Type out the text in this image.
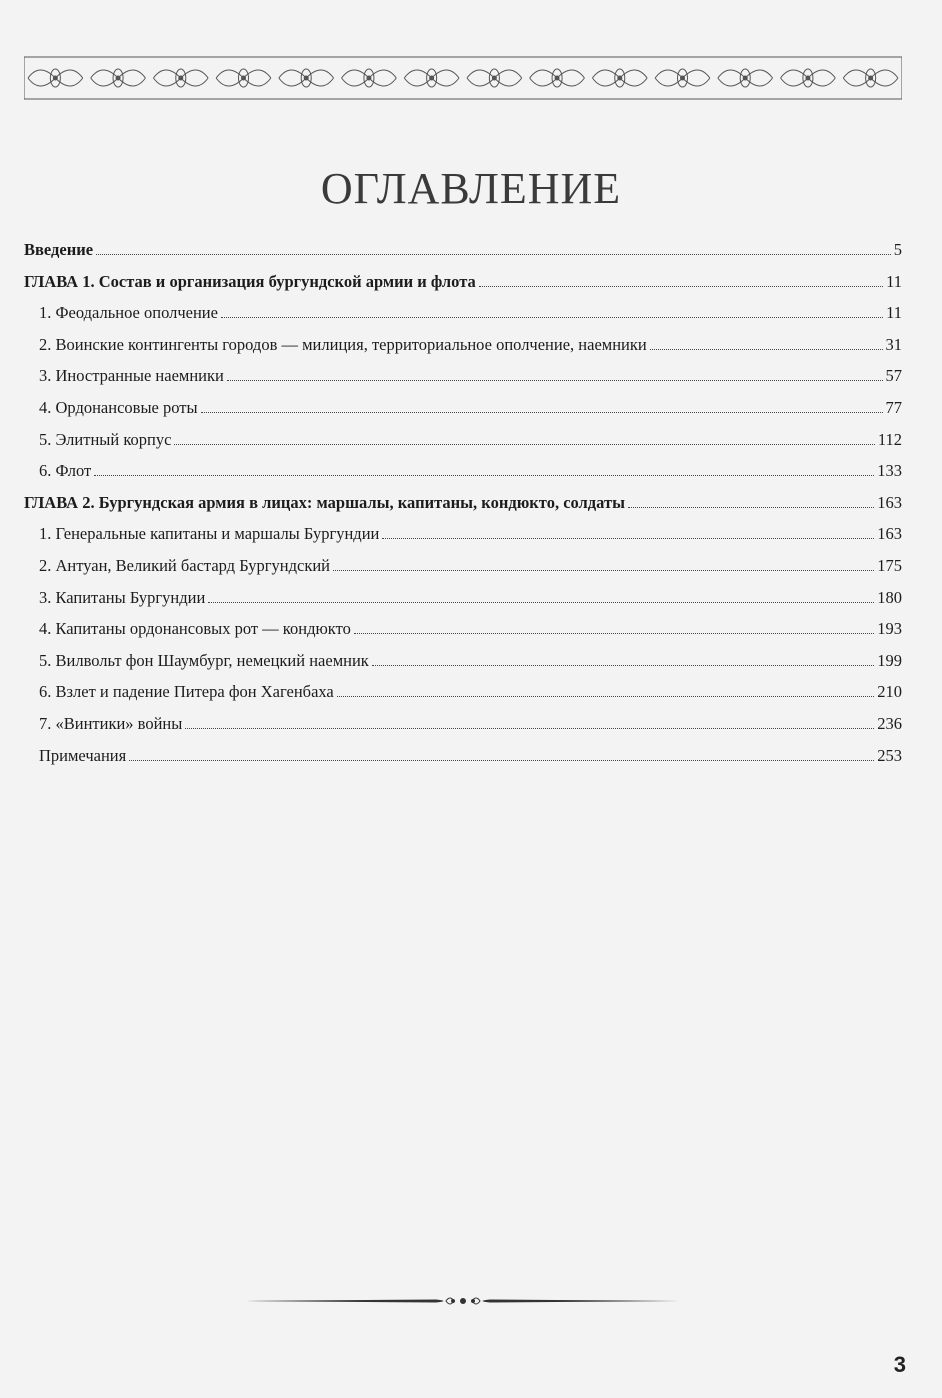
ОГЛАВЛЕНИЕ
Введение	5
ГЛАВА 1. Состав и организация бургундской армии и флота	11
1. Феодальное ополчение	11
2. Воинские контингенты городов — милиция, территориальное ополчение, наемники	31
3. Иностранные наемники	57
4. Ордонансовые роты	77
5. Элитный корпус	112
6. Флот	133
ГЛАВА 2. Бургундская армия в лицах: маршалы, капитаны, кондюкто, солдаты	163
1. Генеральные капитаны и маршалы Бургундии	163
2. Антуан, Великий бастард Бургундский	175
3. Капитаны Бургундии	180
4. Капитаны ордонансовых рот — кондюкто	193
5. Вилвольт фон Шаумбург, немецкий наемник	199
6. Взлет и падение Питера фон Хагенбаха	210
7. «Винтики» войны	236
Примечания	253
3
